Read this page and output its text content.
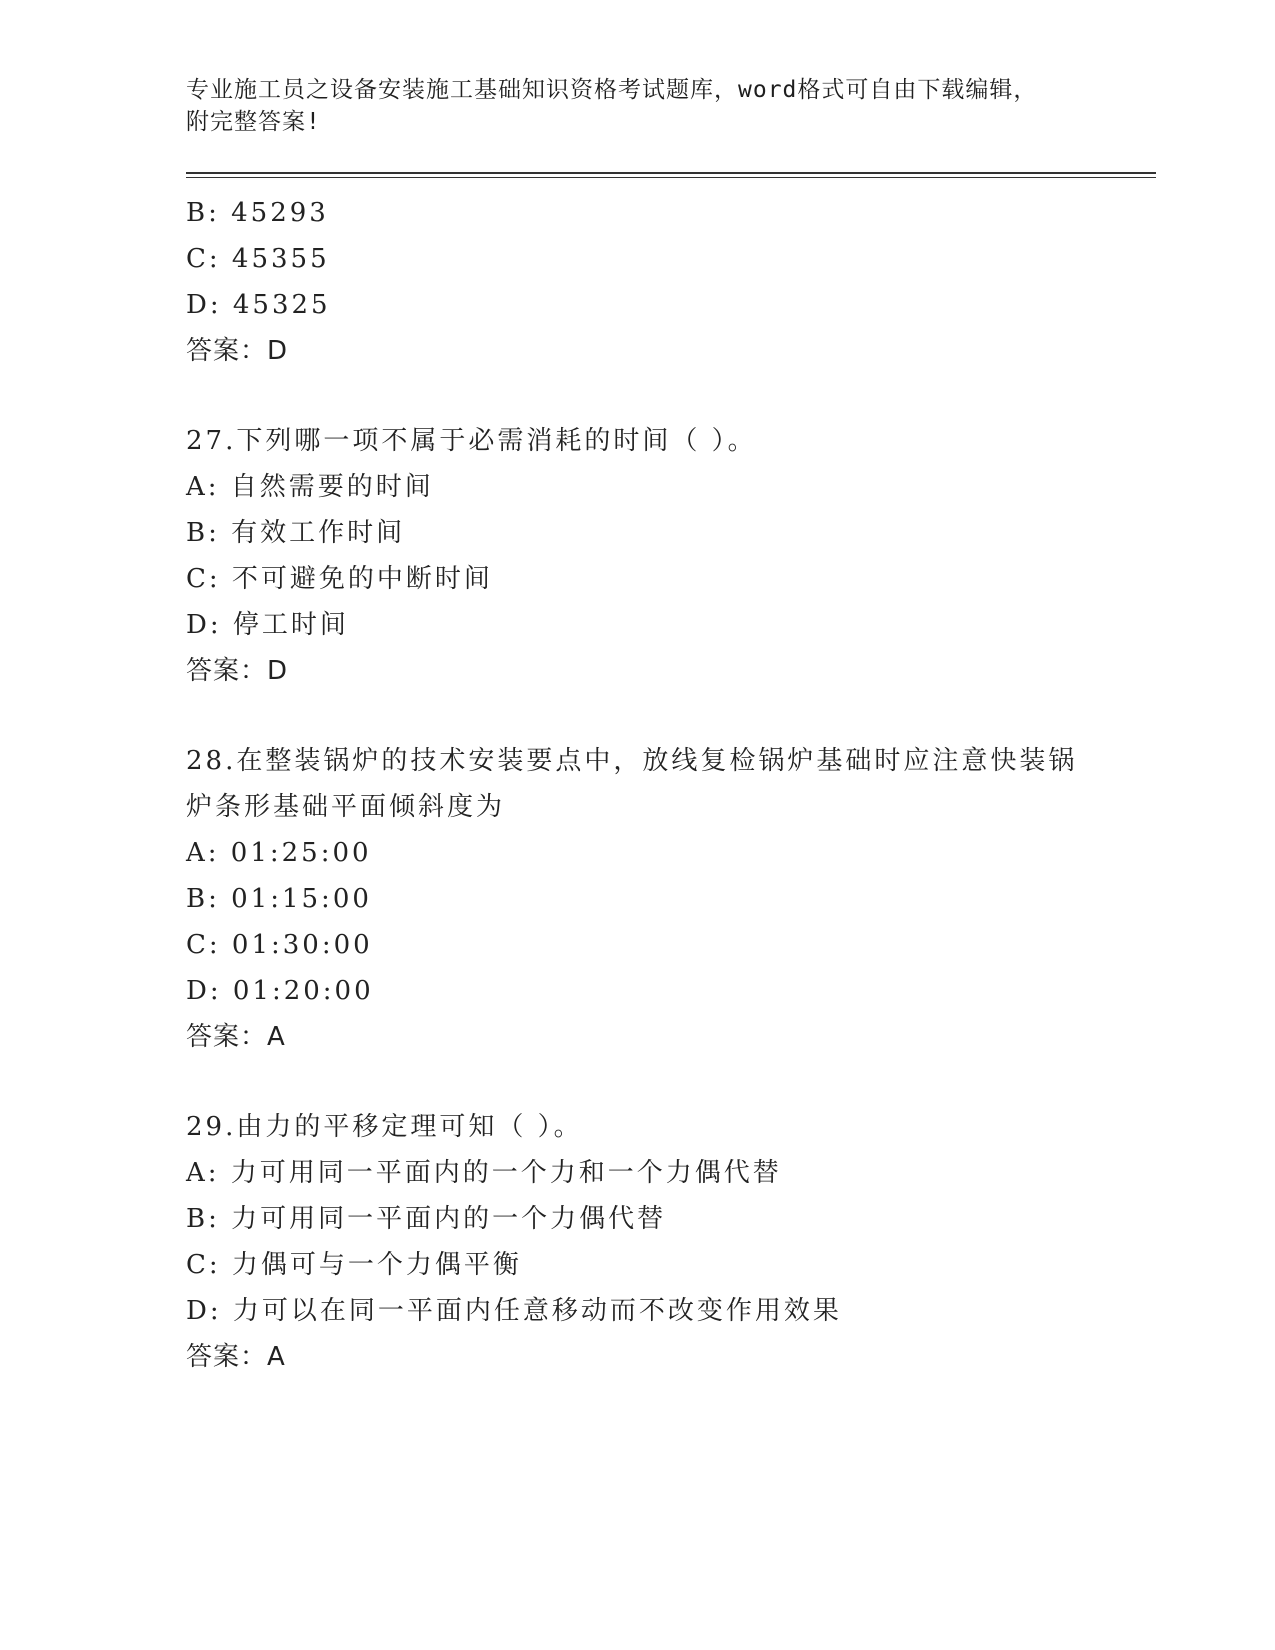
专业施工员之设备安装施工基础知识资格考试题库，word格式可自由下载编辑，
附完整答案!
B: 45293
C: 45355
D: 45325
答案：D
27.下列哪一项不属于必需消耗的时间（ ）。
A: 自然需要的时间
B: 有效工作时间
C: 不可避免的中断时间
D: 停工时间
答案：D
28.在整装锅炉的技术安装要点中，放线复检锅炉基础时应注意快装锅
炉条形基础平面倾斜度为
A: 01:25:00
B: 01:15:00
C: 01:30:00
D: 01:20:00
答案：A
29.由力的平移定理可知（ ）。
A: 力可用同一平面内的一个力和一个力偶代替
B: 力可用同一平面内的一个力偶代替
C: 力偶可与一个力偶平衡
D: 力可以在同一平面内任意移动而不改变作用效果
答案：A
